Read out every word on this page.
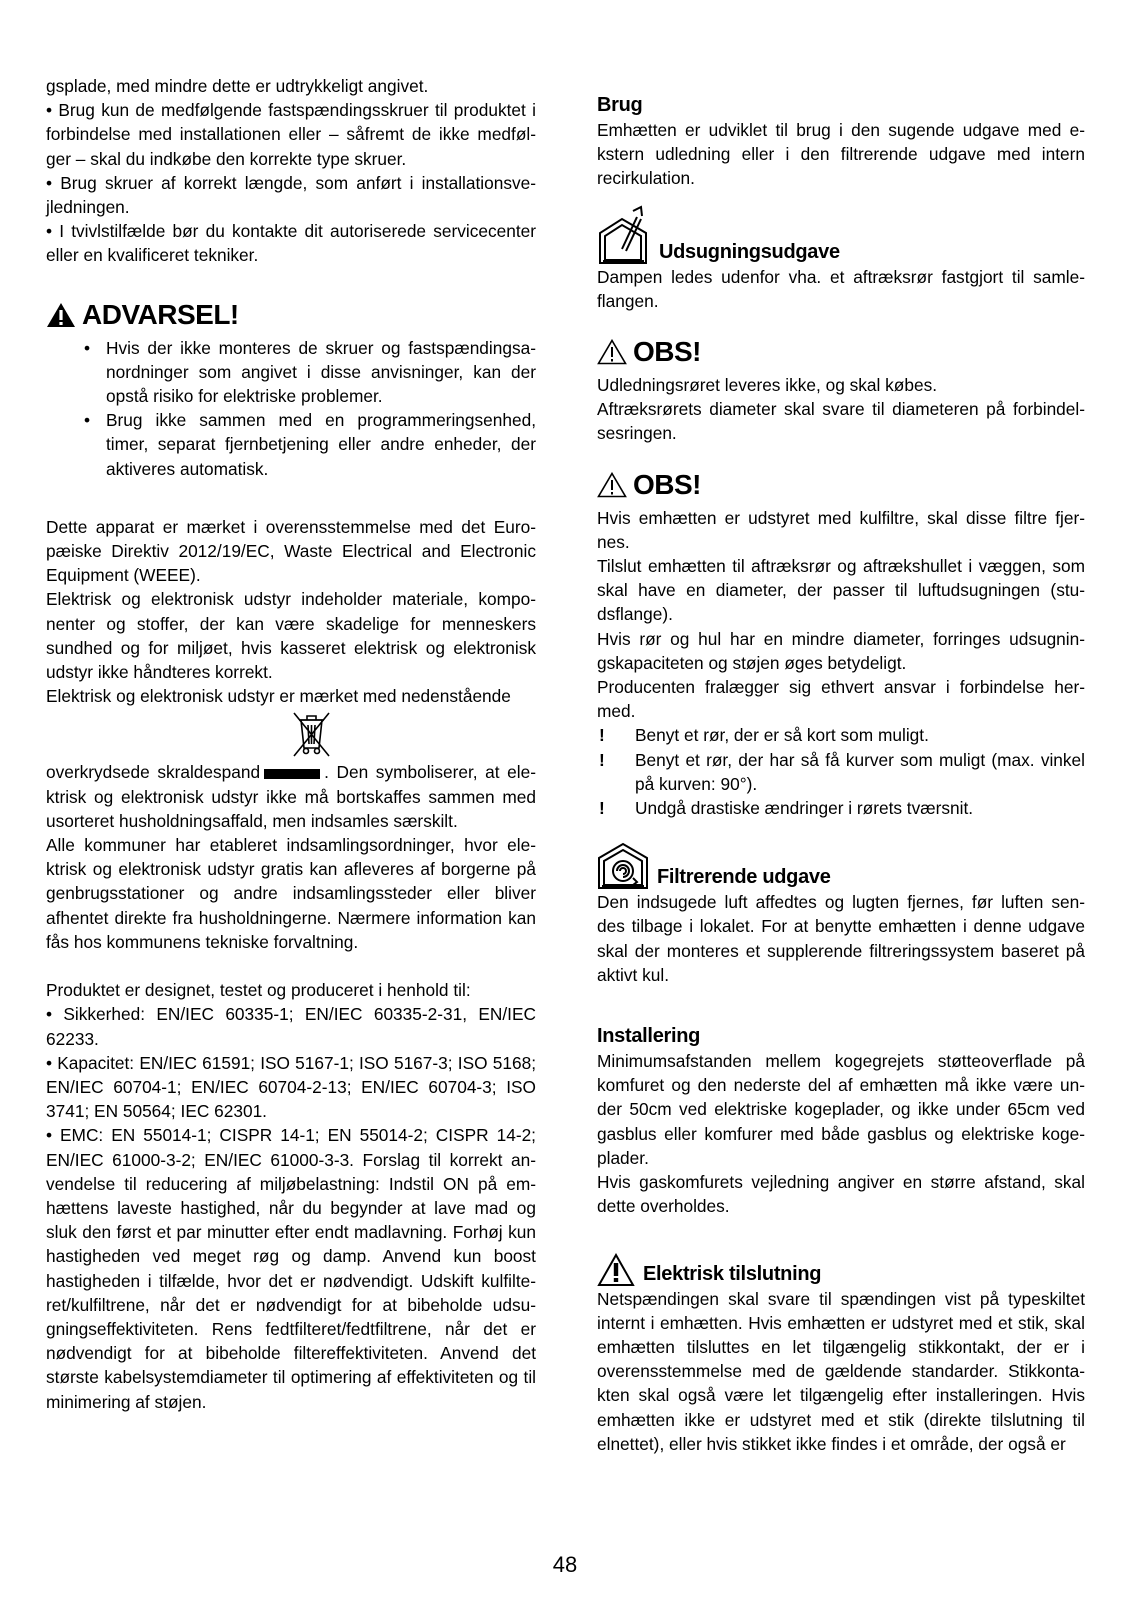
gsplade, med mindre dette er udtrykkeligt angivet.

• Brug kun de medfølgende fastspændingsskruer til produktet i forbindelse med installationen eller – såfremt de ikke medføl- ger – skal du indkøbe den korrekte type skruer.

• Brug skruer af korrekt længde, som anført i installationsve- jledningen.

• I tvivlstilfælde bør du kontakte dit autoriserede servicecenter eller en kvalificeret tekniker.

ADVARSEL!
• Hvis der ikke monteres de skruer og fastspændingsa- nordninger som angivet i disse anvisninger, kan der opstå risiko for elektriske problemer.
• Brug ikke sammen med en programmeringsenhed, timer, separat fjernbetjening eller andre enheder, der aktiveres automatisk.

Dette apparat er mærket i overensstemmelse med det Euro- pæiske Direktiv 2012/19/EC, Waste Electrical and Electronic Equipment (WEEE).

Elektrisk og elektronisk udstyr indeholder materiale, kompo- nenter og stoffer, der kan være skadelige for menneskers sundhed og for miljøet, hvis kasseret elektrisk og elektronisk udstyr ikke håndteres korrekt.

Elektrisk og elektronisk udstyr er mærket med nedenstående

overkrydsede skraldespand	. Den symboliserer, at ele- ktrisk og elektronisk udstyr ikke må bortskaffes sammen med usorteret husholdningsaffald, men indsamles særskilt.

Alle kommuner har etableret indsamlingsordninger, hvor ele- ktrisk og elektronisk udstyr gratis kan afleveres af borgerne på genbrugsstationer og andre indsamlingssteder eller bliver afhentet direkte fra husholdningerne. Nærmere information kan fås hos kommunens tekniske forvaltning.

Produktet er designet, testet og produceret i henhold til:

• Sikkerhed: EN/IEC 60335-1; EN/IEC 60335-2-31, EN/IEC 62233.

• Kapacitet: EN/IEC 61591; ISO 5167-1; ISO 5167-3; ISO 5168; EN/IEC 60704-1; EN/IEC 60704-2-13; EN/IEC 60704-3; ISO 3741; EN 50564; IEC 62301.

• EMC: EN 55014-1; CISPR 14-1; EN 55014-2; CISPR 14-2; EN/IEC 61000-3-2; EN/IEC 61000-3-3. Forslag til korrekt an- vendelse til reducering af miljøbelastning: Indstil ON på em- hættens laveste hastighed, når du begynder at lave mad og sluk den først et par minutter efter endt madlavning. Forhøj kun hastigheden ved meget røg og damp. Anvend kun boost hastigheden i tilfælde, hvor det er nødvendigt. Udskift kulfilte- ret/kulfiltrene, når det er nødvendigt for at bibeholde udsu- gningseffektiviteten. Rens fedtfilteret/fedtfiltrene, når det er nødvendigt for at bibeholde filtereffektiviteten. Anvend det største kabelsystemdiameter til optimering af effektiviteten og til minimering af støjen.

Brug

Emhætten er udviklet til brug i den sugende udgave med e- kstern udledning eller i den filtrerende udgave med intern recirkulation.

Udsugningsudgave

Dampen ledes udenfor vha. et aftræksrør fastgjort til samle- flangen.

OBS!

Udledningsrøret leveres ikke, og skal købes.

Aftræksrørets diameter skal svare til diameteren på forbindel- sesringen.

OBS!

Hvis emhætten er udstyret med kulfiltre, skal disse filtre fjer- nes.

Tilslut emhætten til aftræksrør og aftrækshullet i væggen, som skal have en diameter, der passer til luftudsugningen (stu- dsflange).

Hvis rør og hul har en mindre diameter, forringes udsugnin- gskapaciteten og støjen øges betydeligt.

Producenten fralægger sig ethvert ansvar i forbindelse her- med.

! Benyt et rør, der er så kort som muligt.
! Benyt et rør, der har så få kurver som muligt (max. vinkel på kurven: 90°).
! Undgå drastiske ændringer i rørets tværsnit.
Filtrerende udgave

Den indsugede luft affedtes og lugten fjernes, før luften sen- des tilbage i lokalet. For at benytte emhætten i denne udgave skal der monteres et supplerende filtreringssystem baseret på aktivt kul.

Installering

Minimumsafstanden mellem kogegrejets støtteoverflade på komfuret og den nederste del af emhætten må ikke være un- der 50cm ved elektriske kogeplader, og ikke under 65cm ved gasblus eller komfurer med både gasblus og elektriske koge- plader.

Hvis gaskomfurets vejledning angiver en større afstand, skal dette overholdes.

Elektrisk tilslutning

Netspændingen skal svare til spændingen vist på typeskiltet internt i emhætten. Hvis emhætten er udstyret med et stik, skal emhætten tilsluttes en let tilgængelig stikkontakt, der er i overensstemmelse med de gældende standarder. Stikkonta- kten skal også være let tilgængelig efter installeringen. Hvis emhætten ikke er udstyret med et stik (direkte tilslutning til elnettet), eller hvis stikket ikke findes i et område, der også er

48
